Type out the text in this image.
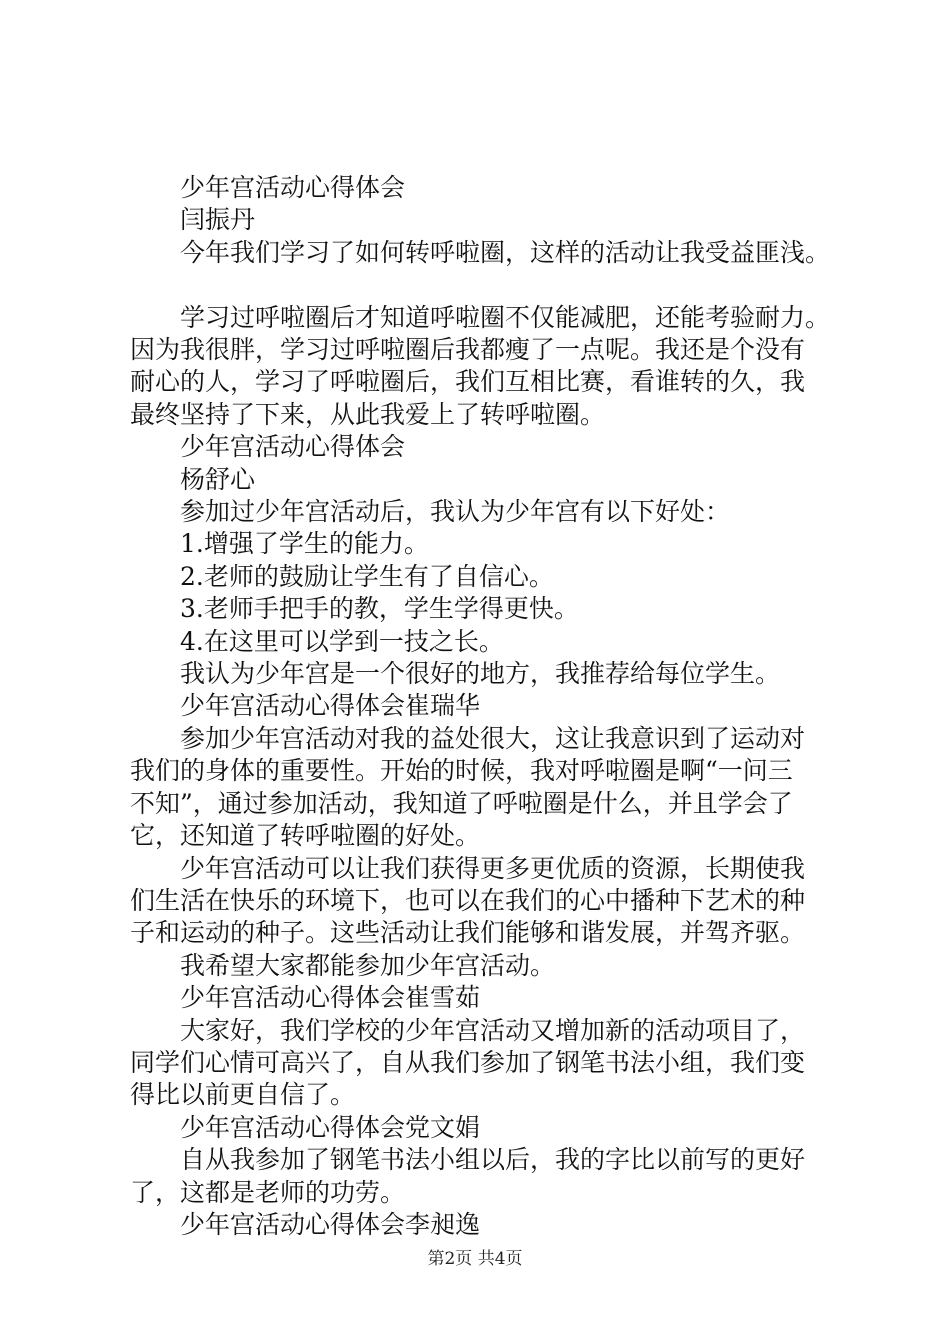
少年宫活动心得体会
闫振丹
今年我们学习了如何转呼啦圈，这样的活动让我受益匪浅。
学习过呼啦圈后才知道呼啦圈不仅能减肥，还能考验耐力。
因为我很胖，学习过呼啦圈后我都瘦了一点呢。我还是个没有
耐心的人，学习了呼啦圈后，我们互相比赛，看谁转的久，我
最终坚持了下来，从此我爱上了转呼啦圈。
少年宫活动心得体会
杨舒心
参加过少年宫活动后，我认为少年宫有以下好处：
1.增强了学生的能力。
2.老师的鼓励让学生有了自信心。
3.老师手把手的教，学生学得更快。
4.在这里可以学到一技之长。
我认为少年宫是一个很好的地方，我推荐给每位学生。
少年宫活动心得体会崔瑞华
参加少年宫活动对我的益处很大，这让我意识到了运动对
我们的身体的重要性。开始的时候，我对呼啦圈是啊“一问三
不知”，通过参加活动，我知道了呼啦圈是什么，并且学会了
它，还知道了转呼啦圈的好处。
少年宫活动可以让我们获得更多更优质的资源，长期使我
们生活在快乐的环境下，也可以在我们的心中播种下艺术的种
子和运动的种子。这些活动让我们能够和谐发展，并驾齐驱。
我希望大家都能参加少年宫活动。
少年宫活动心得体会崔雪茹
大家好，我们学校的少年宫活动又增加新的活动项目了，
同学们心情可高兴了，自从我们参加了钢笔书法小组，我们变
得比以前更自信了。
少年宫活动心得体会党文娟
自从我参加了钢笔书法小组以后，我的字比以前写的更好
了，这都是老师的功劳。
少年宫活动心得体会李昶逸
第2页 共4页
